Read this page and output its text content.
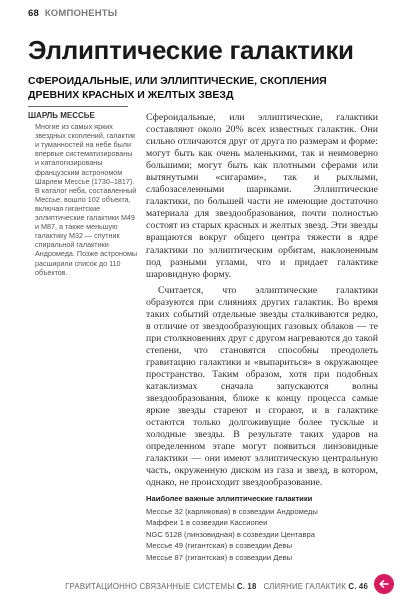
68 КОМПОНЕНТЫ
Эллиптические галактики
СФЕРОИДАЛЬНЫЕ, ИЛИ ЭЛЛИПТИЧЕСКИЕ, СКОПЛЕНИЯ ДРЕВНИХ КРАСНЫХ И ЖЕЛТЫХ ЗВЕЗД
ШАРЛЬ МЕССЬЕ
Многие из самых ярких звездных скоплений, галактик и туманностей на небе были впервые систематизированы и каталогизированы французским астрономом Шарлем Мессье (1730–1817). В каталог неба, составленный Мессье, вошло 102 объекта, включая гигантские эллиптические галактики M49 и M87, а также меньшую галактику M32 — спутник спиральной галактики Андромеда. Позже астрономы расширили список до 110 объектов.

Сфероидальные, или эллиптические, галактики составляют около 20% всех известных галактик. Они сильно отличаются друг от друга по размерам и форме: могут быть как очень маленькими, так и неимоверно большими; могут быть как плотными сферами или вытянутыми «сигарами», так и рыхлыми, слабозаселенными шариками. Эллиптические галактики, по большей части не имеющие достаточно материала для звездообразования, почти полностью состоят из старых красных и желтых звезд. Эти звезды вращаются вокруг общего центра тяжести в ядре галактики по эллиптическим орбитам, наклоненным под разными углами, что и придает галактике шаровидную форму.

Считается, что эллиптические галактики образуются при слияниях других галактик. Во время таких событий отдельные звезды сталкиваются редко, в отличие от звездообразующих газовых облаков — те при столкновениях друг с другом нагреваются до такой степени, что становятся способны преодолеть гравитацию галактики и «выпариться» в окружающее пространство. Таким образом, хотя при подобных катаклизмах сначала запускаются волны звездообразования, ближе к концу процесса самые яркие звезды стареют и сгорают, и в галактике остаются только долгоживущие более тусклые и холодные звезды. В результате таких ударов на определенном этапе могут появиться линзовидные галактики — они имеют эллиптическую центральную часть, окруженную диском из газа и звезд, в котором, однако, не происходит звездообразование.

Наиболее важные эллиптические галактики
Мессье 32 (карликовая) в созвездии Андромеды
Маффеи 1 в созвездии Кассиопеи
NGC 5128 (линзовидная) в созвездии Центавра
Мессье 49 (гигантская) в созвездии Девы
Мессье 87 (гигантская) в созвездии Девы
ГРАВИТАЦИОННО СВЯЗАННЫЕ СИСТЕМЫ С. 18 СЛИЯНИЕ ГАЛАКТИК С. 46
